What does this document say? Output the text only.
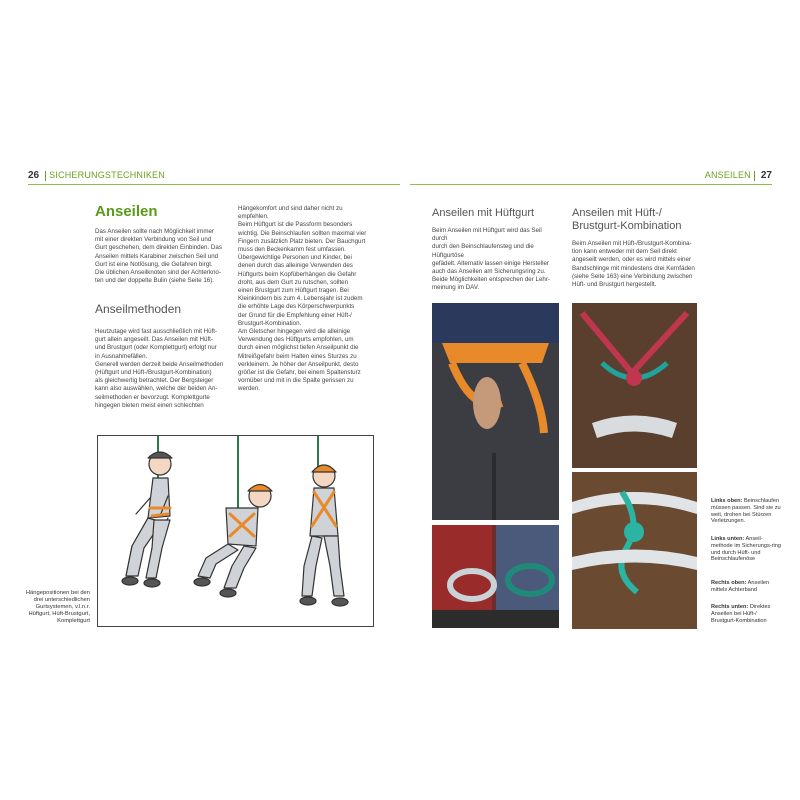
26 SICHERUNGSTECHNIKEN	ANSEILEN 27
Anseilen
Das Anseilen sollte nach Möglichkeit immer
mit einer direkten Verbindung von Seil und
Gurt geschehen, dem direkten Einbinden. Das
Anseilen mittels Karabiner zwischen Seil und
Gurt ist eine Notlösung, die Gefahren birgt.
Die üblichen Anseilknoten sind der Achterkno-
ten und der doppelte Bulin (siehe Seite 16).
Anseilmethoden
Heutzutage wird fast ausschließlich mit Hüft-
gurt allein angeseilt. Das Anseilen mit Hüft-
und Brustgurt (oder Komplettgurt) erfolgt nur
in Ausnahmefällen.
Generell werden derzeit beide Anseilmethoden
(Hüftgurt und Hüft-/Brustgurt-Kombination)
als gleichwertig betrachtet. Der Bergsteiger
kann also auswählen, welche der beiden An-
seilmethoden er bevorzugt. Komplettgurte
hingegen bieten meist einen schlechten
Hängekomfort und sind daher nicht zu
empfehlen.
Beim Hüftgurt ist die Passform besonders
wichtig. Die Beinschlaufen sollten maximal vier
Fingern zusätzlich Platz bieten. Der Bauchgurt
muss den Beckenkamm fest umfassen.
Übergewichtige Personen und Kinder, bei
denen durch das alleinige Verwenden des
Hüftgurts beim Kopfüberhängen die Gefahr
droht, aus dem Gurt zu rutschen, sollten
einen Brustgurt zum Hüftgurt tragen. Bei
Kleinkindern bis zum 4. Lebensjahr ist zudem
die erhöhte Lage des Körperschwerpunkts
der Grund für die Empfehlung einer Hüft-/
Brustgurt-Kombination.
Am Gletscher hingegen wird die alleinige
Verwendung des Hüftgurts empfohlen, um
durch einen möglichst tiefen Anseilpunkt die
Mitreißgefahr beim Halten eines Sturzes zu
verkleinern. Je höher der Anseilpunkt, desto
größer ist die Gefahr, bei einem Spaltensturz
vornüber und mit in die Spalte gerissen zu
werden.
Hängepositionen bei den
drei unterschiedlichen
Gurtsystemen, v.l.n.r.
Hüftgurt, Hüft-Brustgurt,
Komplettgurt
Anseilen mit Hüftgurt
Beim Anseilen mit Hüftgurt wird das Seil durch
durch den Beinschlaufensteg und die Hüftgurtöse
gefädelt. Alternativ lassen einige Hersteller
auch das Anseilen am Sicherungsring zu.
Beide Möglichkeiten entsprechen der Lehr-
meinung im DAV.
Anseilen mit Hüft-/
Brustgurt-Kombination
Beim Anseilen mit Hüft-/Brustgurt-Kombina-
tion kann entweder mit dem Seil direkt
angeseilt werden, oder es wird mittels einer
Bandschlinge mit mindestens drei Kernfäden
(siehe Seite 163) eine Verbindung zwischen
Hüft- und Brustgurt hergestellt.
Links oben: Beinschlaufen müssen passen. Sind sie zu weit, drohen bei Stürzen Verletzungen.
Links unten: Anseil-methode im Sicherungs-ring und durch Hüft- und Beinschlaufenöse
Rechts oben: Anseilen mittels Achterband
Rechts unten: Direktes Anseilen bei Hüft-/ Brustgurt-Kombination
